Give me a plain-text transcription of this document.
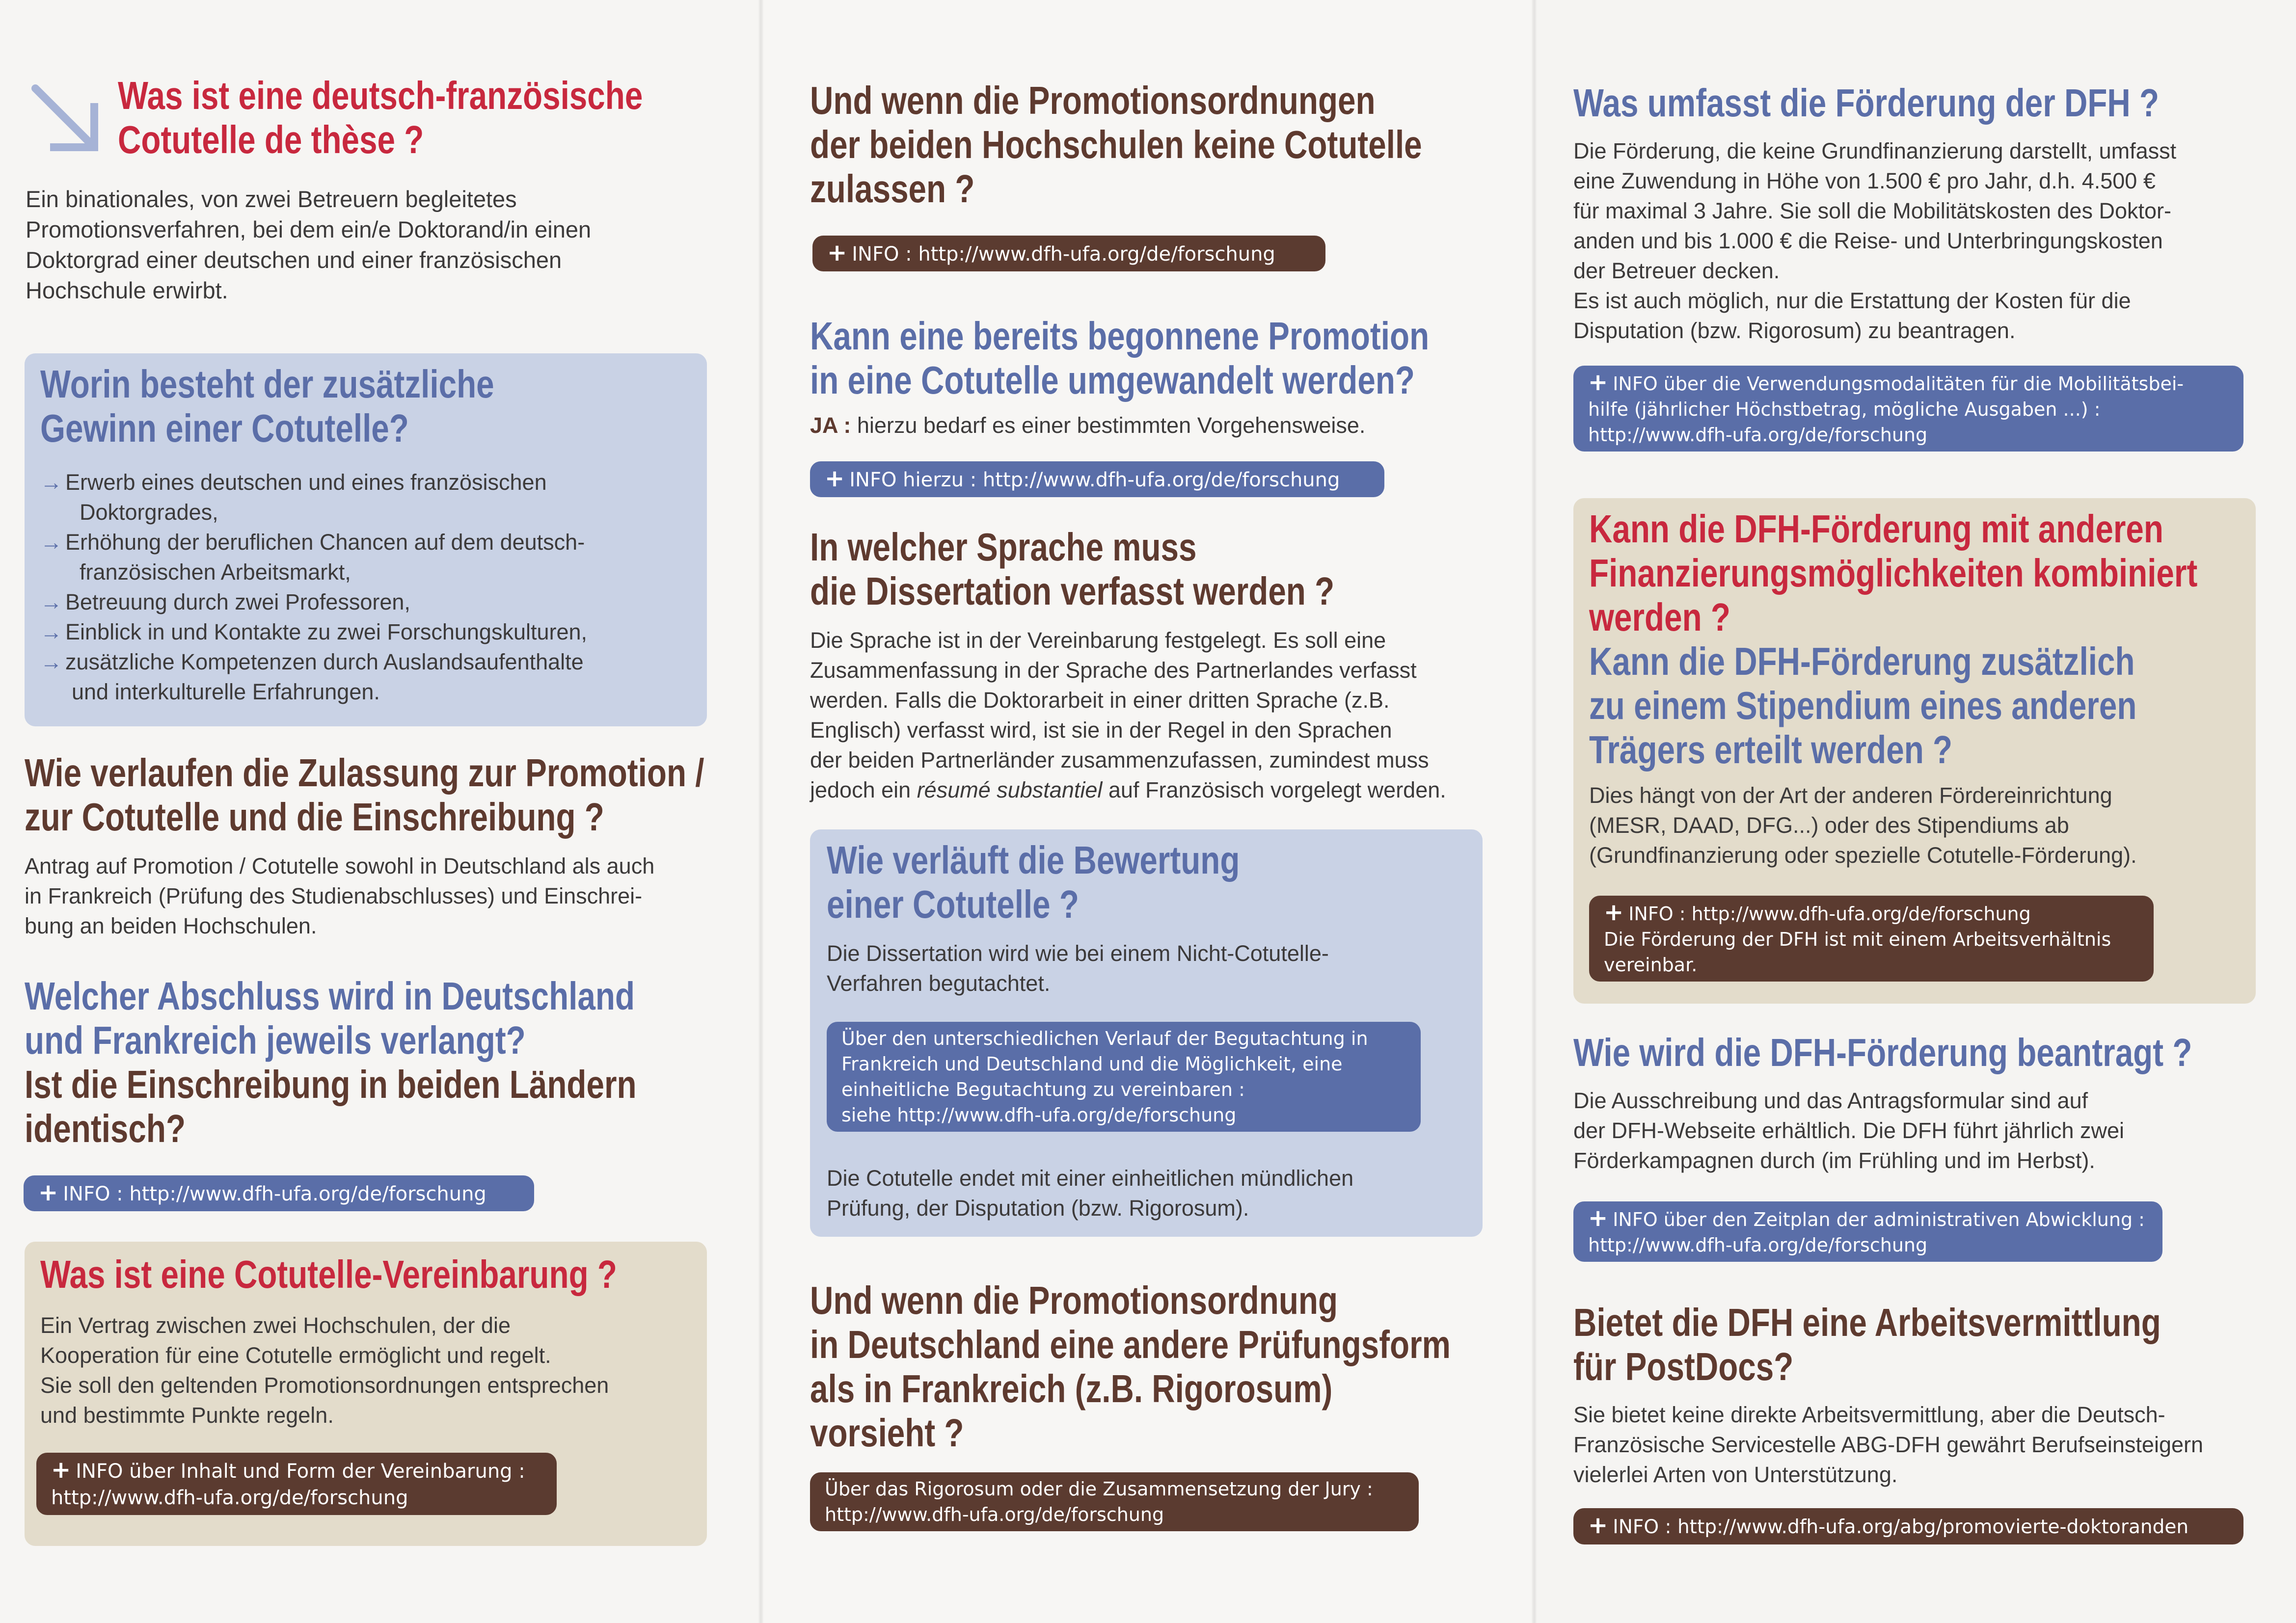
Was ist eine deutsch-französische
Cotutelle de thèse ?

Ein binationales, von zwei Betreuern begleitetes

Promotionsverfahren, bei dem ein/e Doktorand/in einen

Doktorgrad einer deutschen und einer französischen

Hochschule erwirbt.

Worin besteht der zusätzliche
Gewinn einer Cotutelle?
→ Erwerb eines deutschen und eines französischen
Doktorgrades,
→ Erhöhung der beruflichen Chancen auf dem deutsch-
französischen Arbeitsmarkt,
→ Betreuung durch zwei Professoren,
→ Einblick in und Kontakte zu zwei Forschungskulturen,
→ zusätzliche Kompetenzen durch Auslandsaufenthalte
und interkulturelle Erfahrungen.
Wie verlaufen die Zulassung zur Promotion /
zur Cotutelle und die Einschreibung ?

Antrag auf Promotion / Cotutelle sowohl in Deutschland als auch

in Frankreich (Prüfung des Studienabschlusses) und Einschrei-

bung an beiden Hochschulen.

Welcher Abschluss wird in Deutschland
und Frankreich jeweils verlangt?
Ist die Einschreibung in beiden Ländern
identisch?
+ INFO : http://www.dfh-ufa.org/de/forschung
Was ist eine Cotutelle-Vereinbarung ?

Ein Vertrag zwischen zwei Hochschulen, der die

Kooperation für eine Cotutelle ermöglicht und regelt.

Sie soll den geltenden Promotionsordnungen entsprechen

und bestimmte Punkte regeln.

+ INFO über Inhalt und Form der Vereinbarung :
http://www.dfh-ufa.org/de/forschung
Und wenn die Promotionsordnungen
der beiden Hochschulen keine Cotutelle
zulassen ?
+ INFO : http://www.dfh-ufa.org/de/forschung
Kann eine bereits begonnene Promotion
in eine Cotutelle umgewandelt werden?

JA : hierzu bedarf es einer bestimmten Vorgehensweise.

+ INFO hierzu : http://www.dfh-ufa.org/de/forschung
In welcher Sprache muss
die Dissertation verfasst werden ?

Die Sprache ist in der Vereinbarung festgelegt. Es soll eine

Zusammenfassung in der Sprache des Partnerlandes verfasst

werden. Falls die Doktorarbeit in einer dritten Sprache (z.B.

Englisch) verfasst wird, ist sie in der Regel in den Sprachen

der beiden Partnerländer zusammenzufassen, zumindest muss

jedoch ein résumé substantiel auf Französisch vorgelegt werden.

Wie verläuft die Bewertung
einer Cotutelle ?

Die Dissertation wird wie bei einem Nicht-Cotutelle-

Verfahren begutachtet.

Über den unterschiedlichen Verlauf der Begutachtung in
Frankreich und Deutschland und die Möglichkeit, eine
einheitliche Begutachtung zu vereinbaren :
siehe http://www.dfh-ufa.org/de/forschung

Die Cotutelle endet mit einer einheitlichen mündlichen

Prüfung, der Disputation (bzw. Rigorosum).

Und wenn die Promotionsordnung
in Deutschland eine andere Prüfungsform
als in Frankreich (z.B. Rigorosum)
vorsieht ?
Über das Rigorosum oder die Zusammensetzung der Jury :
http://www.dfh-ufa.org/de/forschung
Was umfasst die Förderung der DFH ?

Die Förderung, die keine Grundfinanzierung darstellt, umfasst

eine Zuwendung in Höhe von 1.500 € pro Jahr, d.h. 4.500 €

für maximal 3 Jahre. Sie soll die Mobilitätskosten des Doktor-

anden und bis 1.000 € die Reise- und Unterbringungskosten

der Betreuer decken.

Es ist auch möglich, nur die Erstattung der Kosten für die

Disputation (bzw. Rigorosum) zu beantragen.

+ INFO über die Verwendungsmodalitäten für die Mobilitätsbei-
hilfe (jährlicher Höchstbetrag, mögliche Ausgaben ...) :
http://www.dfh-ufa.org/de/forschung
Kann die DFH-Förderung mit anderen
Finanzierungsmöglichkeiten kombiniert
werden ?
Kann die DFH-Förderung zusätzlich
zu einem Stipendium eines anderen
Trägers erteilt werden ?

Dies hängt von der Art der anderen Fördereinrichtung

(MESR, DAAD, DFG...) oder des Stipendiums ab

(Grundfinanzierung oder spezielle Cotutelle-Förderung).

+ INFO : http://www.dfh-ufa.org/de/forschung
Die Förderung der DFH ist mit einem Arbeitsverhältnis
vereinbar.
Wie wird die DFH-Förderung beantragt ?

Die Ausschreibung und das Antragsformular sind auf

der DFH-Webseite erhältlich. Die DFH führt jährlich zwei

Förderkampagnen durch (im Frühling und im Herbst).

+ INFO über den Zeitplan der administrativen Abwicklung :
http://www.dfh-ufa.org/de/forschung
Bietet die DFH eine Arbeitsvermittlung
für PostDocs?

Sie bietet keine direkte Arbeitsvermittlung, aber die Deutsch-

Französische Servicestelle ABG-DFH gewährt Berufseinsteigern

vielerlei Arten von Unterstützung.

+ INFO : http://www.dfh-ufa.org/abg/promovierte-doktoranden
